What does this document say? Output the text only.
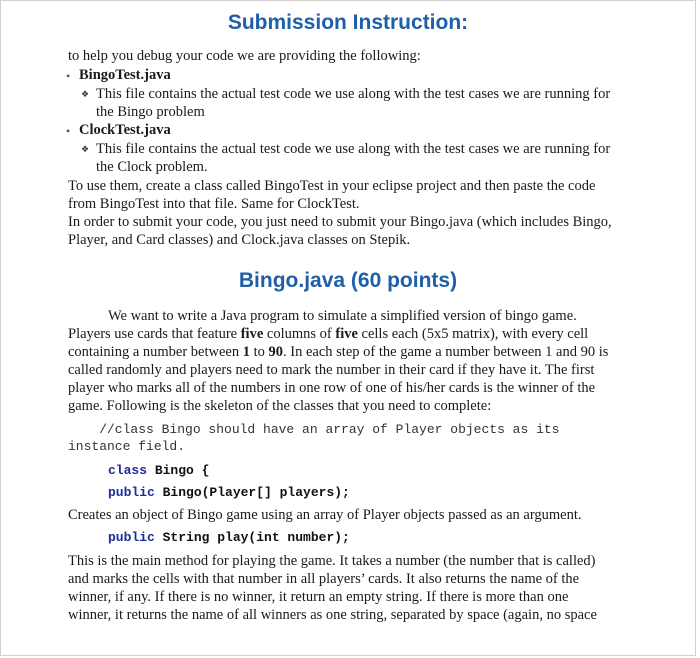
Submission Instruction:
to help you debug your code we are providing the following:
• BingoTest.java
❖ This file contains the actual test code we use along with the test cases we are running for
the Bingo problem
• ClockTest.java
❖ This file contains the actual test code we use along with the test cases we are running for
the Clock problem.
To use them, create a class called BingoTest in your eclipse project and then paste the code
from BingoTest into that file. Same for ClockTest.
In order to submit your code, you just need to submit your Bingo.java (which includes Bingo,
Player, and Card classes) and Clock.java classes on Stepik.
Bingo.java (60 points)
We want to write a Java program to simulate a simplified version of bingo game.
Players use cards that feature five columns of five cells each (5x5 matrix), with every cell
containing a number between 1 to 90. In each step of the game a number between 1 and 90 is
called randomly and players need to mark the number in their card if they have it. The first
player who marks all of the numbers in one row of one of his/her cards is the winner of the
game. Following is the skeleton of the classes that you need to complete:
//class Bingo should have an array of Player objects as its
instance field.
class Bingo {
public Bingo(Player[] players);
Creates an object of Bingo game using an array of Player objects passed as an argument.
public String play(int number);
This is the main method for playing the game. It takes a number (the number that is called)
and marks the cells with that number in all players’ cards. It also returns the name of the
winner, if any. If there is no winner, it return an empty string. If there is more than one
winner, it returns the name of all winners as one string, separated by space (again, no space
